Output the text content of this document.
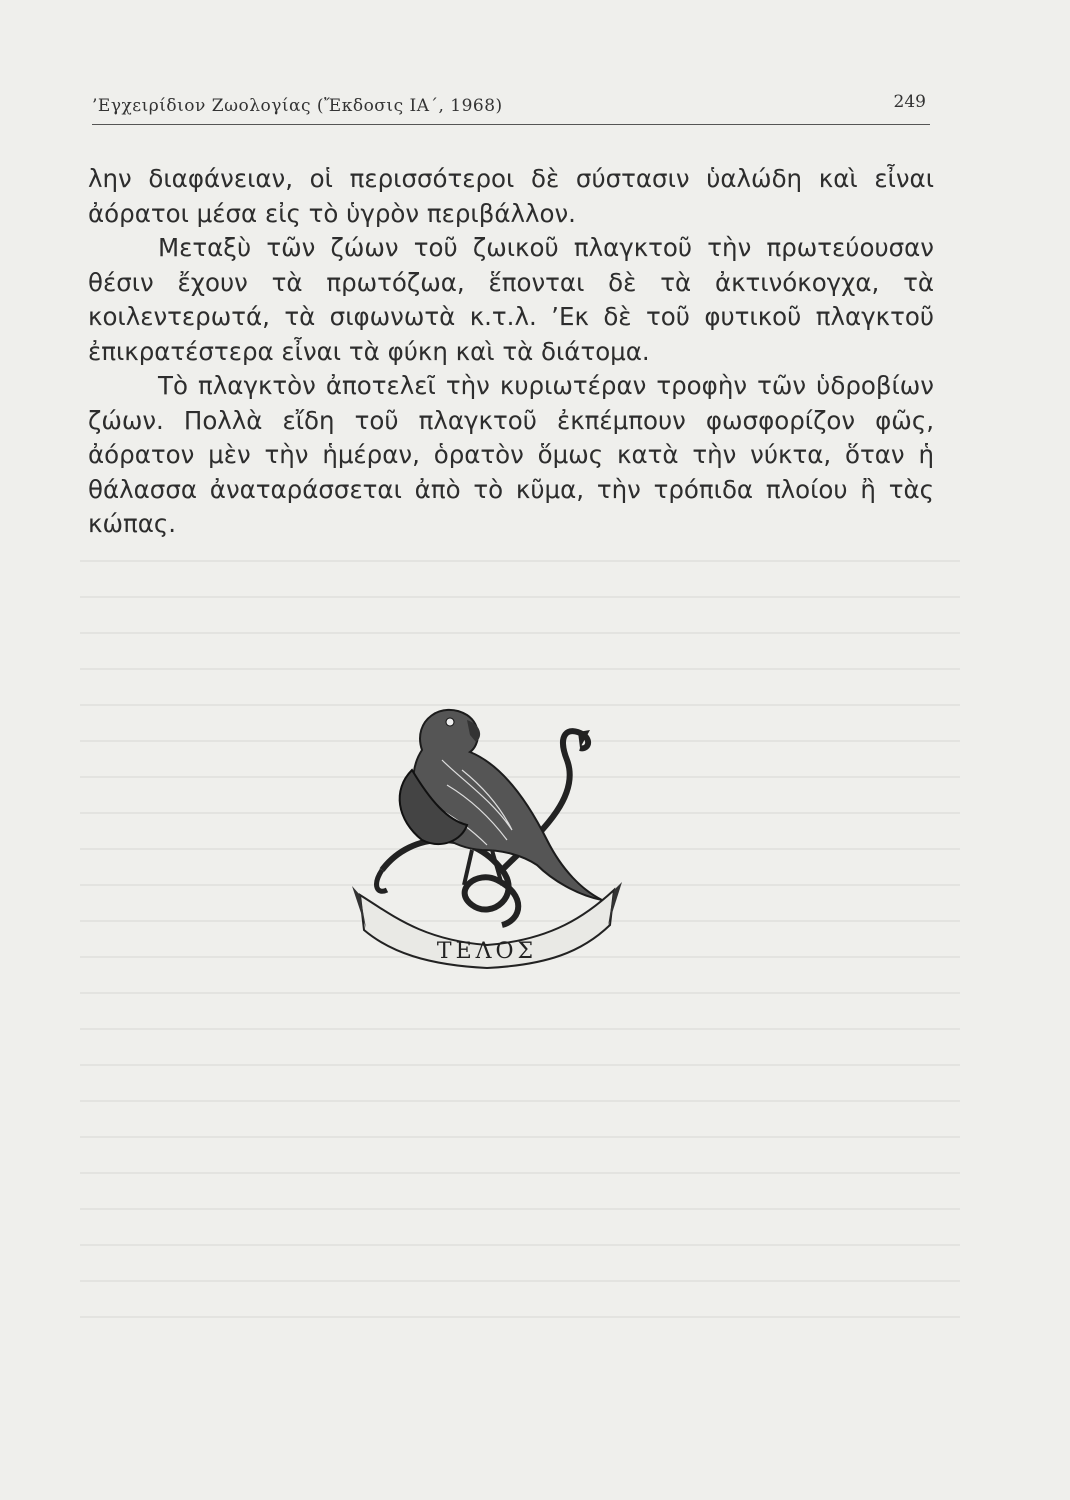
’Εγχειρίδιον Ζωολογίας (Ἔκδοσις ΙΑ΄, 1968)	249

λην διαφάνειαν, οἱ περισσότεροι δὲ σύστασιν ὑαλώδη καὶ εἶναι ἀόρατοι μέσα εἰς τὸ ὑγρὸν περιβάλλον.

Μεταξὺ τῶν ζώων τοῦ ζωικοῦ πλαγκτοῦ τὴν πρωτεύουσαν θέσιν ἔχουν τὰ πρωτόζωα, ἕπονται δὲ τὰ ἀκτινόκογχα, τὰ κοιλεντερωτά, τὰ σιφωνωτὰ κ.τ.λ. ’Εκ δὲ τοῦ φυτικοῦ πλαγκτοῦ ἐπικρατέστερα εἶναι τὰ φύκη καὶ τὰ διάτομα.

Τὸ πλαγκτὸν ἀποτελεῖ τὴν κυριωτέραν τροφὴν τῶν ὑδροβίων ζώων. Πολλὰ εἴδη τοῦ πλαγκτοῦ ἐκπέμπουν φωσφορίζον φῶς, ἀόρατον μὲν τὴν ἡμέραν, ὁρατὸν ὅμως κατὰ τὴν νύκτα, ὅταν ἡ θάλασσα ἀναταράσσεται ἀπὸ τὸ κῦμα, τὴν τρόπιδα πλοίου ἢ τὰς κώπας.

ΤΕΛΟΣ
